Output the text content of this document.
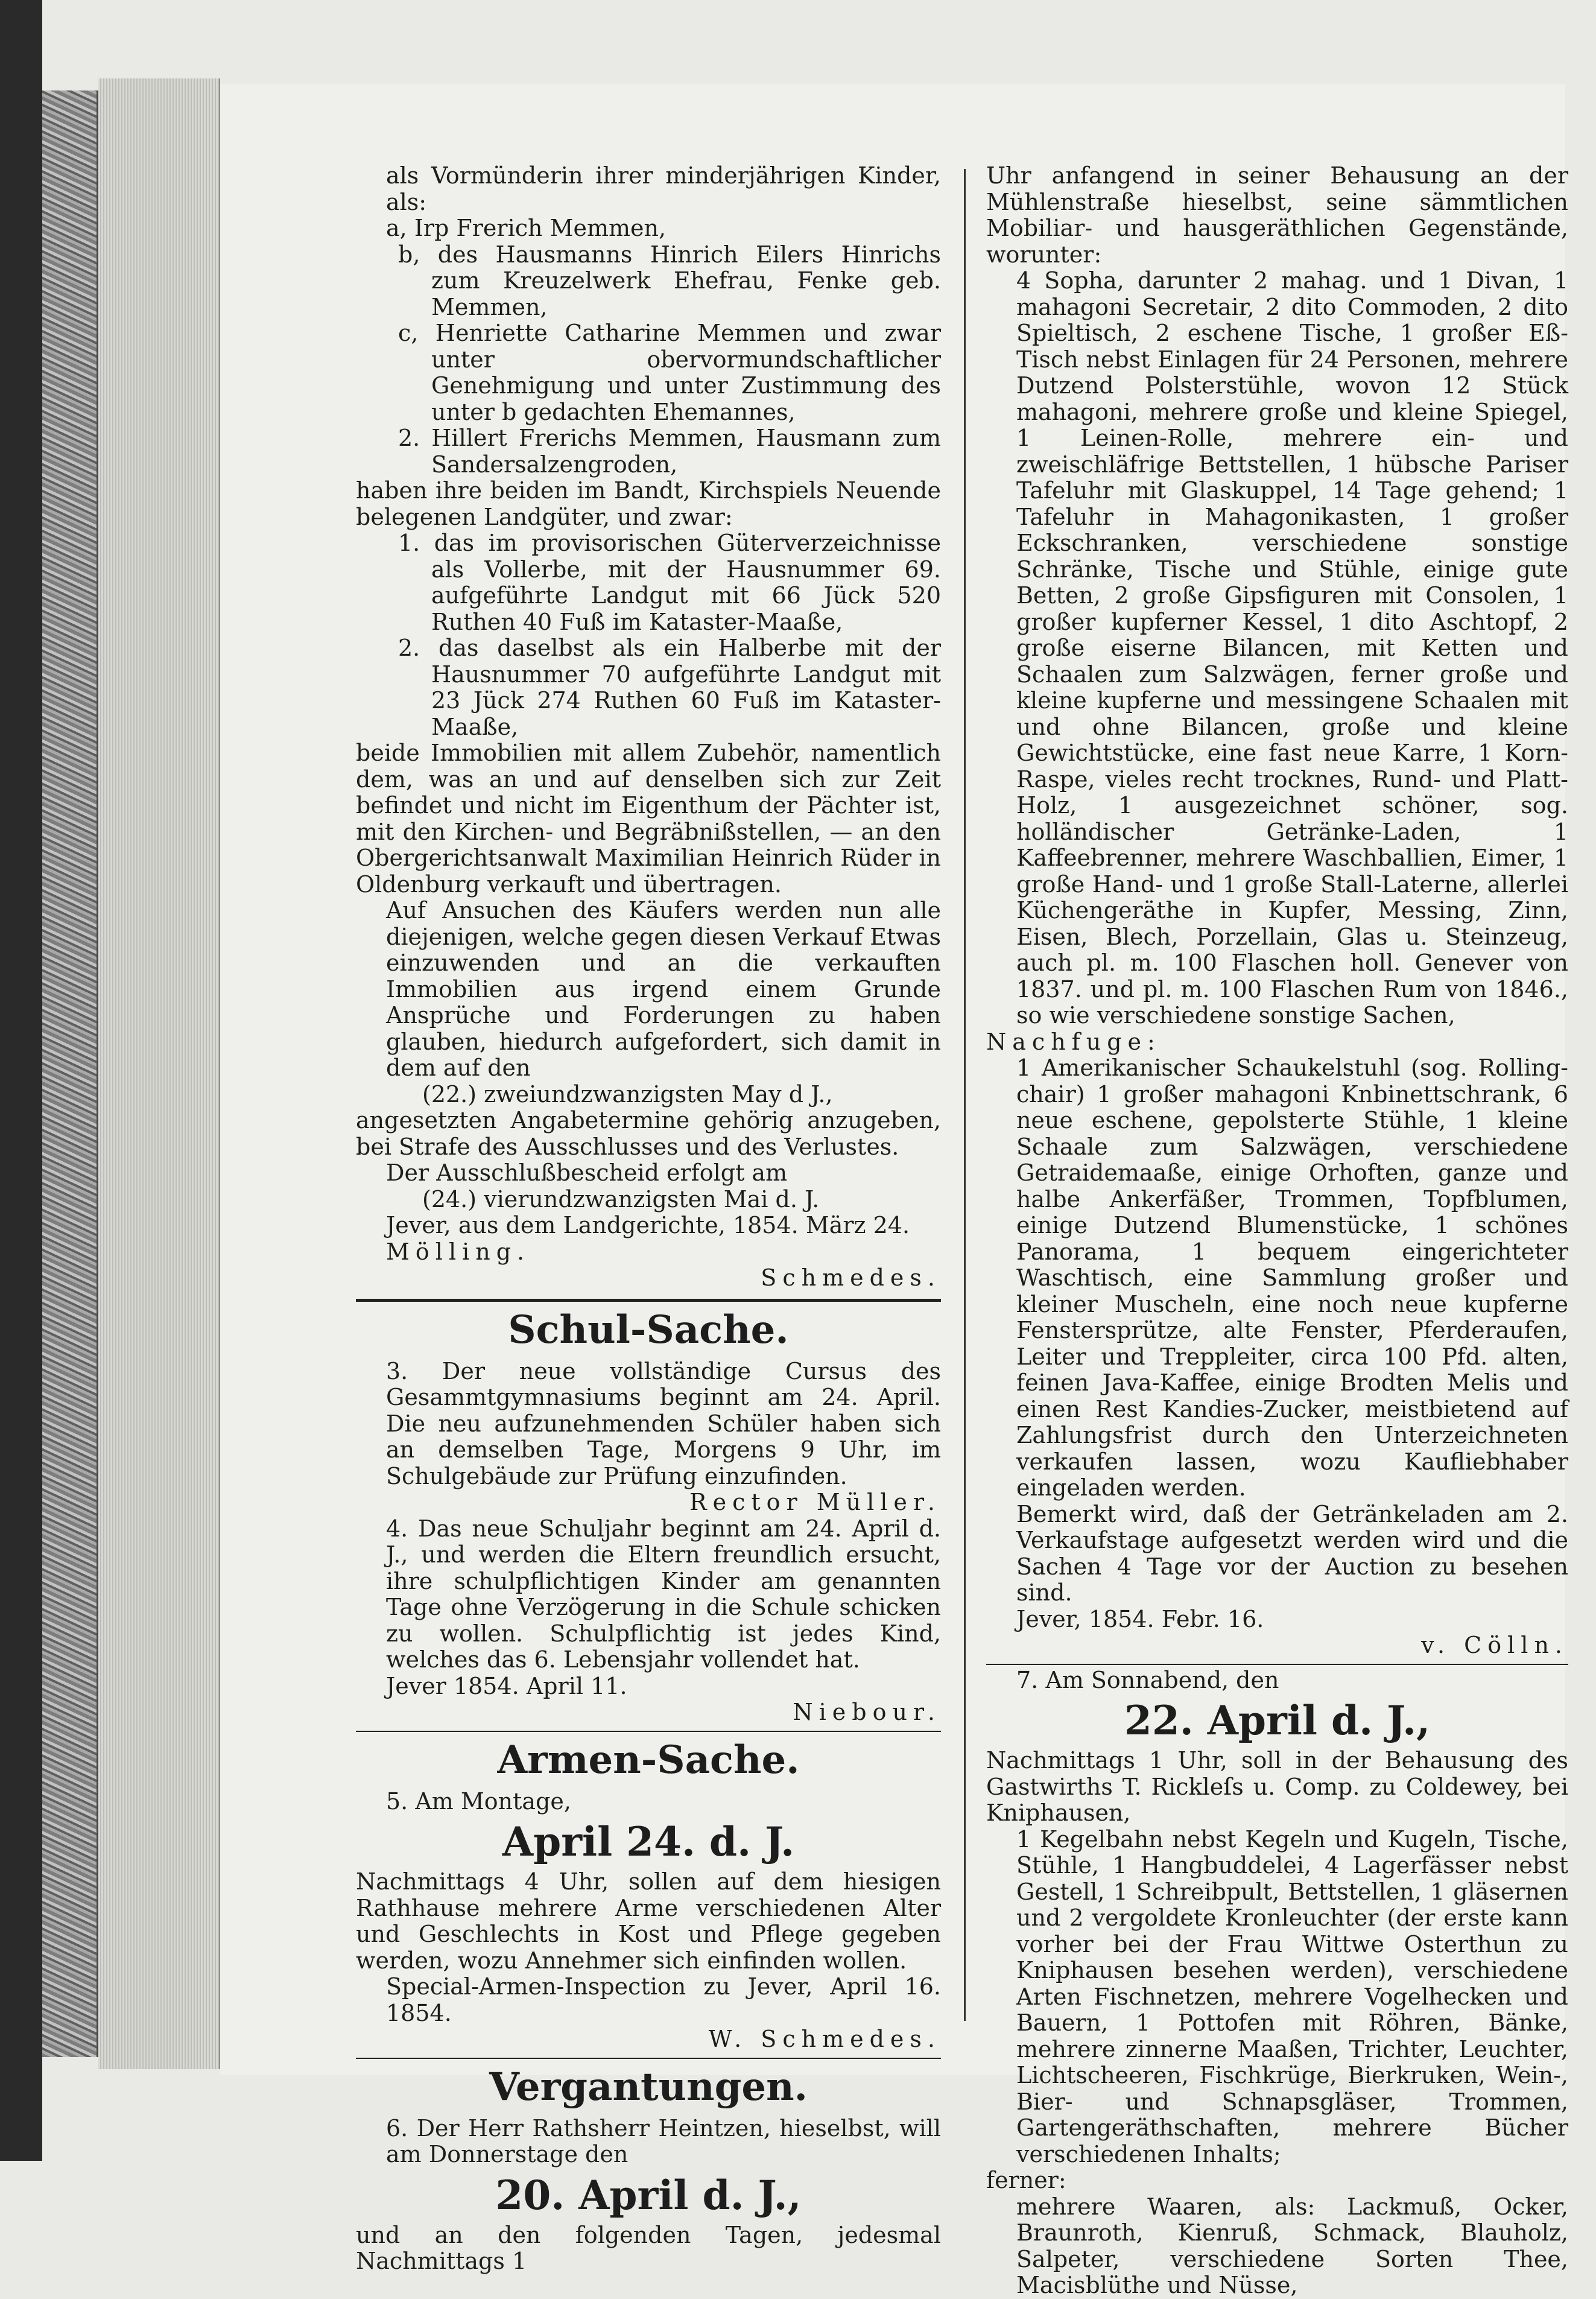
als Vormünderin ihrer minderjährigen Kinder, als:

a, Irp Frerich Memmen,

b, des Hausmanns Hinrich Eilers Hinrichs zum Kreuzelwerk Ehefrau, Fenke geb. Memmen,

c, Henriette Catharine Memmen und zwar unter obervormundschaftlicher Genehmigung und unter Zustimmung des unter b gedachten Ehemannes,

2. Hillert Frerichs Memmen, Hausmann zum Sandersalzengroden,

haben ihre beiden im Bandt, Kirchspiels Neuende belegenen Landgüter, und zwar:

1. das im provisorischen Güterverzeichnisse als Vollerbe, mit der Hausnummer 69. aufgeführte Landgut mit 66 Jück 520 Ruthen 40 Fuß im Kataster-Maaße,

2. das daselbst als ein Halberbe mit der Hausnummer 70 aufgeführte Landgut mit 23 Jück 274 Ruthen 60 Fuß im Kataster-Maaße,

beide Immobilien mit allem Zubehör, namentlich dem, was an und auf denselben sich zur Zeit befindet und nicht im Eigenthum der Pächter ist, mit den Kirchen- und Begräbnißstellen, — an den Obergerichtsanwalt Maximilian Heinrich Rüder in Oldenburg verkauft und übertragen.

Auf Ansuchen des Käufers werden nun alle diejenigen, welche gegen diesen Verkauf Etwas einzuwenden und an die verkauften Immobilien aus irgend einem Grunde Ansprüche und Forderungen zu haben glauben, hiedurch aufgefordert, sich damit in dem auf den

(22.) zweiundzwanzigsten May d J.,

angesetzten Angabetermine gehörig anzugeben, bei Strafe des Ausschlusses und des Verlustes.

Der Ausschlußbescheid erfolgt am

(24.) vierundzwanzigsten Mai d. J.

Jever, aus dem Landgerichte, 1854. März 24.

Mölling.

Schmedes.

Schul-Sache.

3. Der neue vollständige Cursus des Gesammtgymnasiums beginnt am 24. April. Die neu aufzunehmenden Schüler haben sich an demselben Tage, Morgens 9 Uhr, im Schulgebäude zur Prüfung einzufinden.

Rector Müller.

4. Das neue Schuljahr beginnt am 24. April d. J., und werden die Eltern freundlich ersucht, ihre schulpflichtigen Kinder am genannten Tage ohne Verzögerung in die Schule schicken zu wollen. Schulpflichtig ist jedes Kind, welches das 6. Lebensjahr vollendet hat.

Jever 1854. April 11.

Niebour.

Armen-Sache.

5. Am Montage,

April 24. d. J.

Nachmittags 4 Uhr, sollen auf dem hiesigen Rathhause mehrere Arme verschiedenen Alter und Geschlechts in Kost und Pflege gegeben werden, wozu Annehmer sich einfinden wollen.

Special-Armen-Inspection zu Jever, April 16. 1854.

W. Schmedes.

Vergantungen.

6. Der Herr Rathsherr Heintzen, hieselbst, will am Donnerstage den

20. April d. J.,

und an den folgenden Tagen, jedesmal Nachmittags 1

Uhr anfangend in seiner Behausung an der Mühlenstraße hieselbst, seine sämmtlichen Mobiliar- und hausgeräthlichen Gegenstände, worunter:

4 Sopha, darunter 2 mahag. und 1 Divan, 1 mahagoni Secretair, 2 dito Commoden, 2 dito Spieltisch, 2 eschene Tische, 1 großer Eß-Tisch nebst Einlagen für 24 Personen, mehrere Dutzend Polsterstühle, wovon 12 Stück mahagoni, mehrere große und kleine Spiegel, 1 Leinen-Rolle, mehrere ein- und zweischläfrige Bettstellen, 1 hübsche Pariser Tafeluhr mit Glaskuppel, 14 Tage gehend; 1 Tafeluhr in Mahagonikasten, 1 großer Eckschranken, verschiedene sonstige Schränke, Tische und Stühle, einige gute Betten, 2 große Gipsfiguren mit Consolen, 1 großer kupferner Kessel, 1 dito Aschtopf, 2 große eiserne Bilancen, mit Ketten und Schaalen zum Salzwägen, ferner große und kleine kupferne und messingene Schaalen mit und ohne Bilancen, große und kleine Gewichtstücke, eine fast neue Karre, 1 Korn-Raspe, vieles recht trocknes, Rund- und Platt-Holz, 1 ausgezeichnet schöner, sog. holländischer Getränke-Laden, 1 Kaffeebrenner, mehrere Waschballien, Eimer, 1 große Hand- und 1 große Stall-Laterne, allerlei Küchengeräthe in Kupfer, Messing, Zinn, Eisen, Blech, Porzellain, Glas u. Steinzeug, auch pl. m. 100 Flaschen holl. Genever von 1837. und pl. m. 100 Flaschen Rum von 1846., so wie verschiedene sonstige Sachen,

Nachfuge:

1 Amerikanischer Schaukelstuhl (sog. Rolling-chair) 1 großer mahagoni Knbinettschrank, 6 neue eschene, gepolsterte Stühle, 1 kleine Schaale zum Salzwägen, verschiedene Getraidemaaße, einige Orhoften, ganze und halbe Ankerfäßer, Trommen, Topfblumen, einige Dutzend Blumenstücke, 1 schönes Panorama, 1 bequem eingerichteter Waschtisch, eine Sammlung großer und kleiner Muscheln, eine noch neue kupferne Fenstersprütze, alte Fenster, Pferderaufen, Leiter und Treppleiter, circa 100 Pfd. alten, feinen Java-Kaffee, einige Brodten Melis und einen Rest Kandies-Zucker, meistbietend auf Zahlungsfrist durch den Unterzeichneten verkaufen lassen, wozu Kaufliebhaber eingeladen werden.

Bemerkt wird, daß der Getränkeladen am 2. Verkaufstage aufgesetzt werden wird und die Sachen 4 Tage vor der Auction zu besehen sind.

Jever, 1854. Febr. 16.

v. Cölln.

7. Am Sonnabend, den

22. April d. J.,

Nachmittags 1 Uhr, soll in der Behausung des Gastwirths T. Rickleſs u. Comp. zu Coldewey, bei Kniphausen,

1 Kegelbahn nebst Kegeln und Kugeln, Tische, Stühle, 1 Hangbuddelei, 4 Lagerfässer nebst Gestell, 1 Schreibpult, Bettstellen, 1 gläsernen und 2 vergoldete Kronleuchter (der erste kann vorher bei der Frau Wittwe Osterthun zu Kniphausen besehen werden), verschiedene Arten Fischnetzen, mehrere Vogelhecken und Bauern, 1 Pottofen mit Röhren, Bänke, mehrere zinnerne Maaßen, Trichter, Leuchter, Lichtscheeren, Fischkrüge, Bierkruken, Wein-, Bier- und Schnapsgläser, Trommen, Gartengeräthschaften, mehrere Bücher verschiedenen Inhalts;

ferner:

mehrere Waaren, als: Lackmuß, Ocker, Braunroth, Kienruß, Schmack, Blauholz, Salpeter, verschiedene Sorten Thee, Macisblüthe und Nüsse,
